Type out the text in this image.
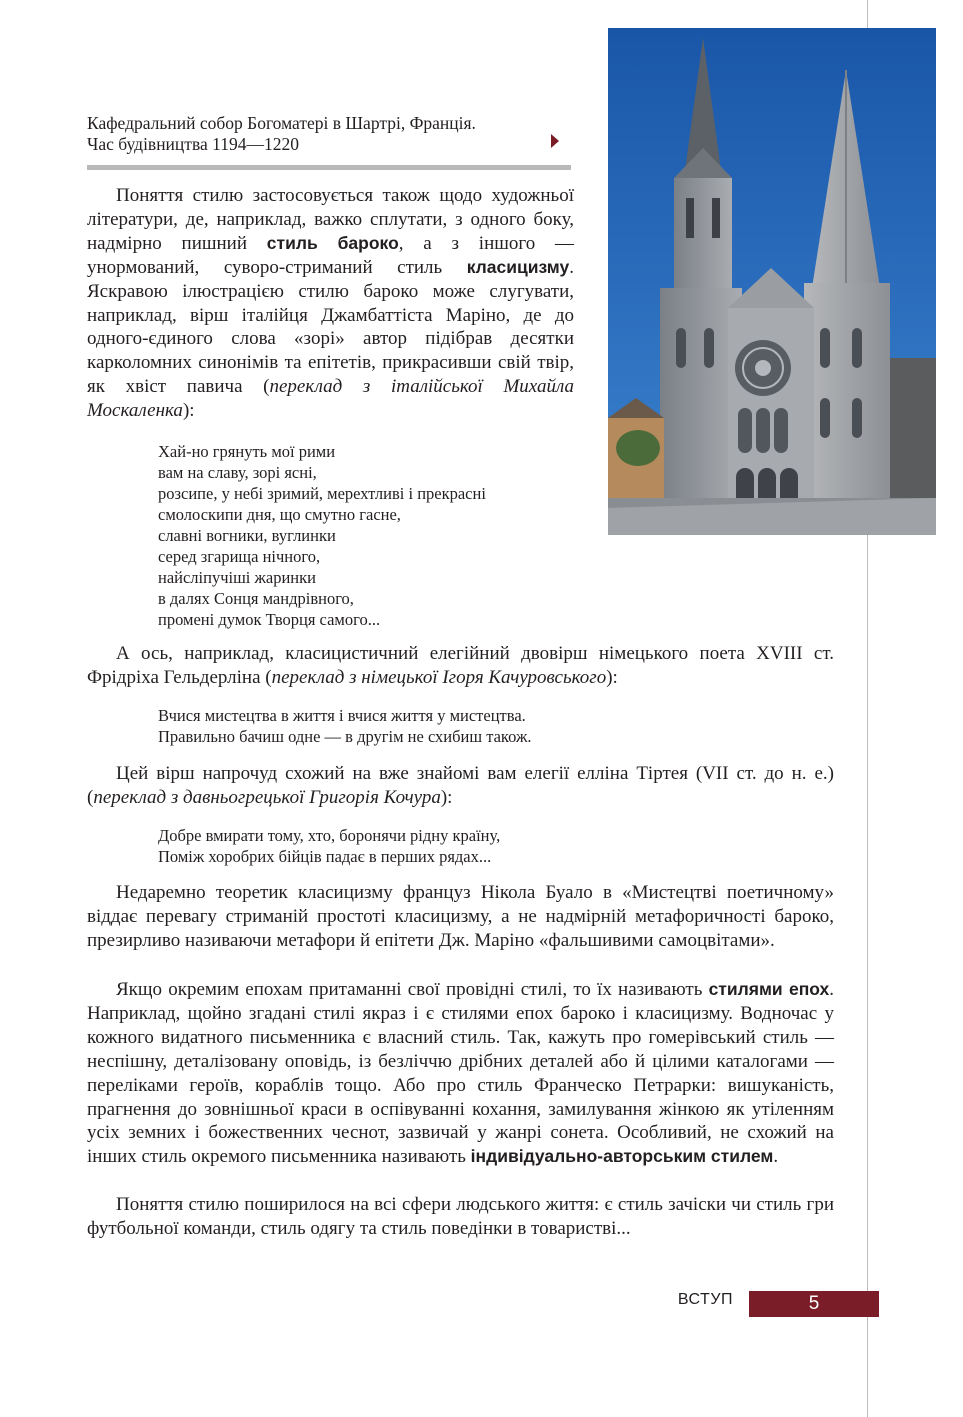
Кафедральний собор Богоматері в Шартрі, Франція.
Час будівництва 1194—1220
Поняття стилю застосовується також щодо художньої літератури, де, наприклад, важко сплутати, з одного боку, надмірно пишний стиль бароко, а з іншого — унормований, суворо-стриманий стиль класицизму. Яскравою ілюстрацією стилю бароко може слугувати, наприклад, вірш італійця Джамбаттіста Маріно, де до одного-єдиного слова «зорі» автор підібрав десятки карколомних синонімів та епітетів, прикрасивши свій твір, як хвіст павича (переклад з італійської Михайла Москаленка):
Хай-но грянуть мої рими
вам на славу, зорі ясні,
розсипе, у небі зримий, мерехтливі і прекрасні
смолоскипи дня, що смутно гасне,
славні вогники, вуглинки
серед згарища нічного,
найсліпучіші жаринки
в далях Сонця мандрівного,
промені думок Творця самого...
А ось, наприклад, класицистичний елегійний двовірш німецького поета XVIII ст. Фрідріха Гельдерліна (переклад з німецької Ігоря Качуровського):
Вчися мистецтва в життя і вчися життя у мистецтва.
Правильно бачиш одне — в другім не схибиш також.
Цей вірш напрочуд схожий на вже знайомі вам елегії елліна Тіртея (VII ст. до н. е.) (переклад з давньогрецької Григорія Кочура):
Добре вмирати тому, хто, боронячи рідну країну,
Поміж хоробрих бійців падає в перших рядах...
Недаремно теоретик класицизму француз Нікола Буало в «Мистецтві поетичному» віддає перевагу стриманій простоті класицизму, а не надмірній метафоричності бароко, презирливо називаючи метафори й епітети Дж. Маріно «фальшивими самоцвітами».
Якщо окремим епохам притаманні свої провідні стилі, то їх називають стилями епох. Наприклад, щойно згадані стилі якраз і є стилями епох бароко і класицизму. Водночас у кожного видатного письменника є власний стиль. Так, кажуть про гомерівський стиль — неспішну, деталізовану оповідь, із безліччю дрібних деталей або й цілими каталогами — переліками героїв, кораблів тощо. Або про стиль Франческо Петрарки: вишуканість, прагнення до зовнішньої краси в оспівуванні кохання, замилування жінкою як утіленням усіх земних і божественних чеснот, зазвичай у жанрі сонета. Особливий, не схожий на інших стиль окремого письменника називають індивідуально-авторським стилем.
Поняття стилю поширилося на всі сфери людського життя: є стиль зачіски чи стиль гри футбольної команди, стиль одягу та стиль поведінки в товаристві...
ВСТУП	5
